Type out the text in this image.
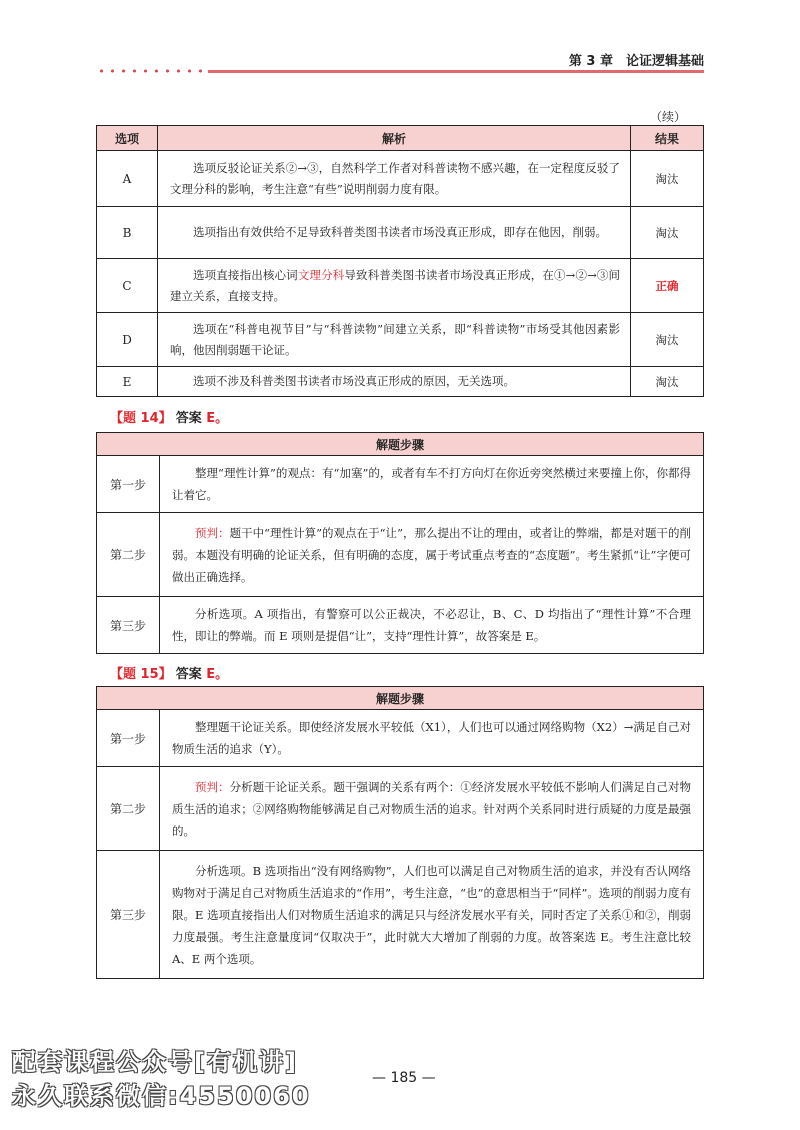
第 3 章　论证逻辑基础
（续）
选项	解析	结果
A	选项反驳论证关系②→③，自然科学工作者对科普读物不感兴趣，在一定程度反驳了文理分科的影响，考生注意“有些”说明削弱力度有限。	淘汰
B	选项指出有效供给不足导致科普类图书读者市场没真正形成，即存在他因，削弱。	淘汰
C	选项直接指出核心词文理分科导致科普类图书读者市场没真正形成，在①→②→③间建立关系，直接支持。	正确
D	选项在“科普电视节目”与“科普读物”间建立关系，即“科普读物”市场受其他因素影响，他因削弱题干论证。	淘汰
E	选项不涉及科普类图书读者市场没真正形成的原因，无关选项。	淘汰
【题 14】 答案 E。
解题步骤	
第一步	整理“理性计算”的观点：有“加塞”的，或者有车不打方向灯在你近旁突然横过来要撞上你，你都得让着它。
第二步	预判：题干中“理性计算”的观点在于“让”，那么提出不让的理由，或者让的弊端，都是对题干的削弱。本题没有明确的论证关系，但有明确的态度，属于考试重点考查的“态度题”。考生紧抓“让”字便可做出正确选择。
第三步	分析选项。A 项指出，有警察可以公正裁决，不必忍让，B、C、D 均指出了“理性计算”不合理性，即让的弊端。而 E 项则是提倡“让”，支持“理性计算”，故答案是 E。
【题 15】 答案 E。
解题步骤	
第一步	整理题干论证关系。即使经济发展水平较低（X1），人们也可以通过网络购物（X2）→满足自己对物质生活的追求（Y）。
第二步	预判：分析题干论证关系。题干强调的关系有两个：①经济发展水平较低不影响人们满足自己对物质生活的追求；②网络购物能够满足自己对物质生活的追求。针对两个关系同时进行质疑的力度是最强的。
第三步	分析选项。B 选项指出“没有网络购物”，人们也可以满足自己对物质生活的追求，并没有否认网络购物对于满足自己对物质生活追求的“作用”，考生注意，“也”的意思相当于“同样”。选项的削弱力度有限。E 选项直接指出人们对物质生活追求的满足只与经济发展水平有关，同时否定了关系①和②，削弱力度最强。考生注意量度词“仅取决于”，此时就大大增加了削弱的力度。故答案选 E。考生注意比较 A、E 两个选项。
— 185 —
配套课程公众号[有机讲]
永久联系微信:4550060
